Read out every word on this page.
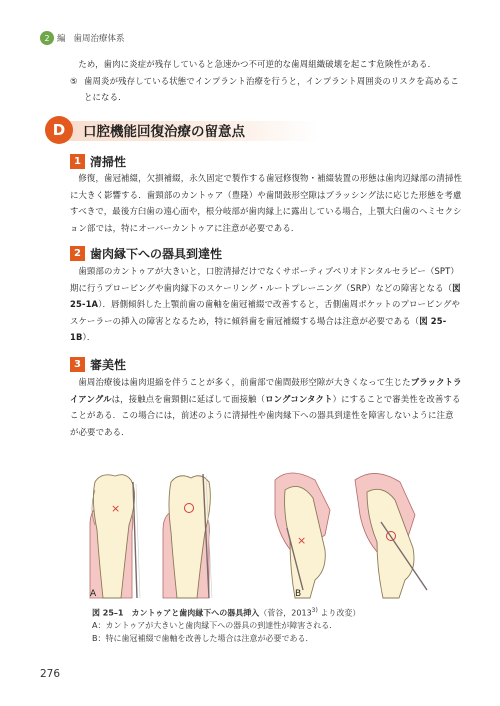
2 編 歯周治療体系

ため，歯肉に炎症が残存していると急速かつ不可逆的な歯周組織破壊を起こす危険性がある．

⑤ 歯周炎が残存している状態でインプラント治療を行うと，インプラント周囲炎のリスクを高めることになる．
D	口腔機能回復治療の留意点
1 清掃性

修復，歯冠補綴，欠損補綴，永久固定で製作する歯冠修復物・補綴装置の形態は歯肉辺縁部の清掃性に大きく影響する．歯頸部のカントゥア（豊隆）や歯間鼓形空隙はブラッシング法に応じた形態を考慮すべきで，最後方臼歯の遠心面や，根分岐部が歯肉縁上に露出している場合，上顎大臼歯のヘミセクション部では，特にオーバーカントゥアに注意が必要である．

2 歯肉縁下への器具到達性

歯頸部のカントゥアが大きいと，口腔清掃だけでなくサポーティブペリオドンタルセラピー（SPT）期に行うプロービングや歯肉縁下のスケーリング・ルートプレーニング（SRP）などの障害となる（図 25-1A）．唇側傾斜した上顎前歯の歯軸を歯冠補綴で改善すると，舌側歯周ポケットのプロービングやスケーラーの挿入の障害となるため，特に傾斜歯を歯冠補綴する場合は注意が必要である（図 25-1B）．

3 審美性

歯周治療後は歯肉退縮を伴うことが多く，前歯部で歯間鼓形空隙が大きくなって生じたブラックトライアングルは，接触点を歯頸側に延ばして面接触（ロングコンタクト）にすることで審美性を改善することがある．この場合には，前述のように清掃性や歯肉縁下への器具到達性を障害しないように注意が必要である．

×
×
A	B
図 25–1　カントゥアと歯肉縁下への器具挿入（菅谷，2013$^{3)}$ より改変）
A：カントゥアが大きいと歯肉縁下への器具の到達性が障害される．
B：特に歯冠補綴で歯軸を改善した場合は注意が必要である．
276
